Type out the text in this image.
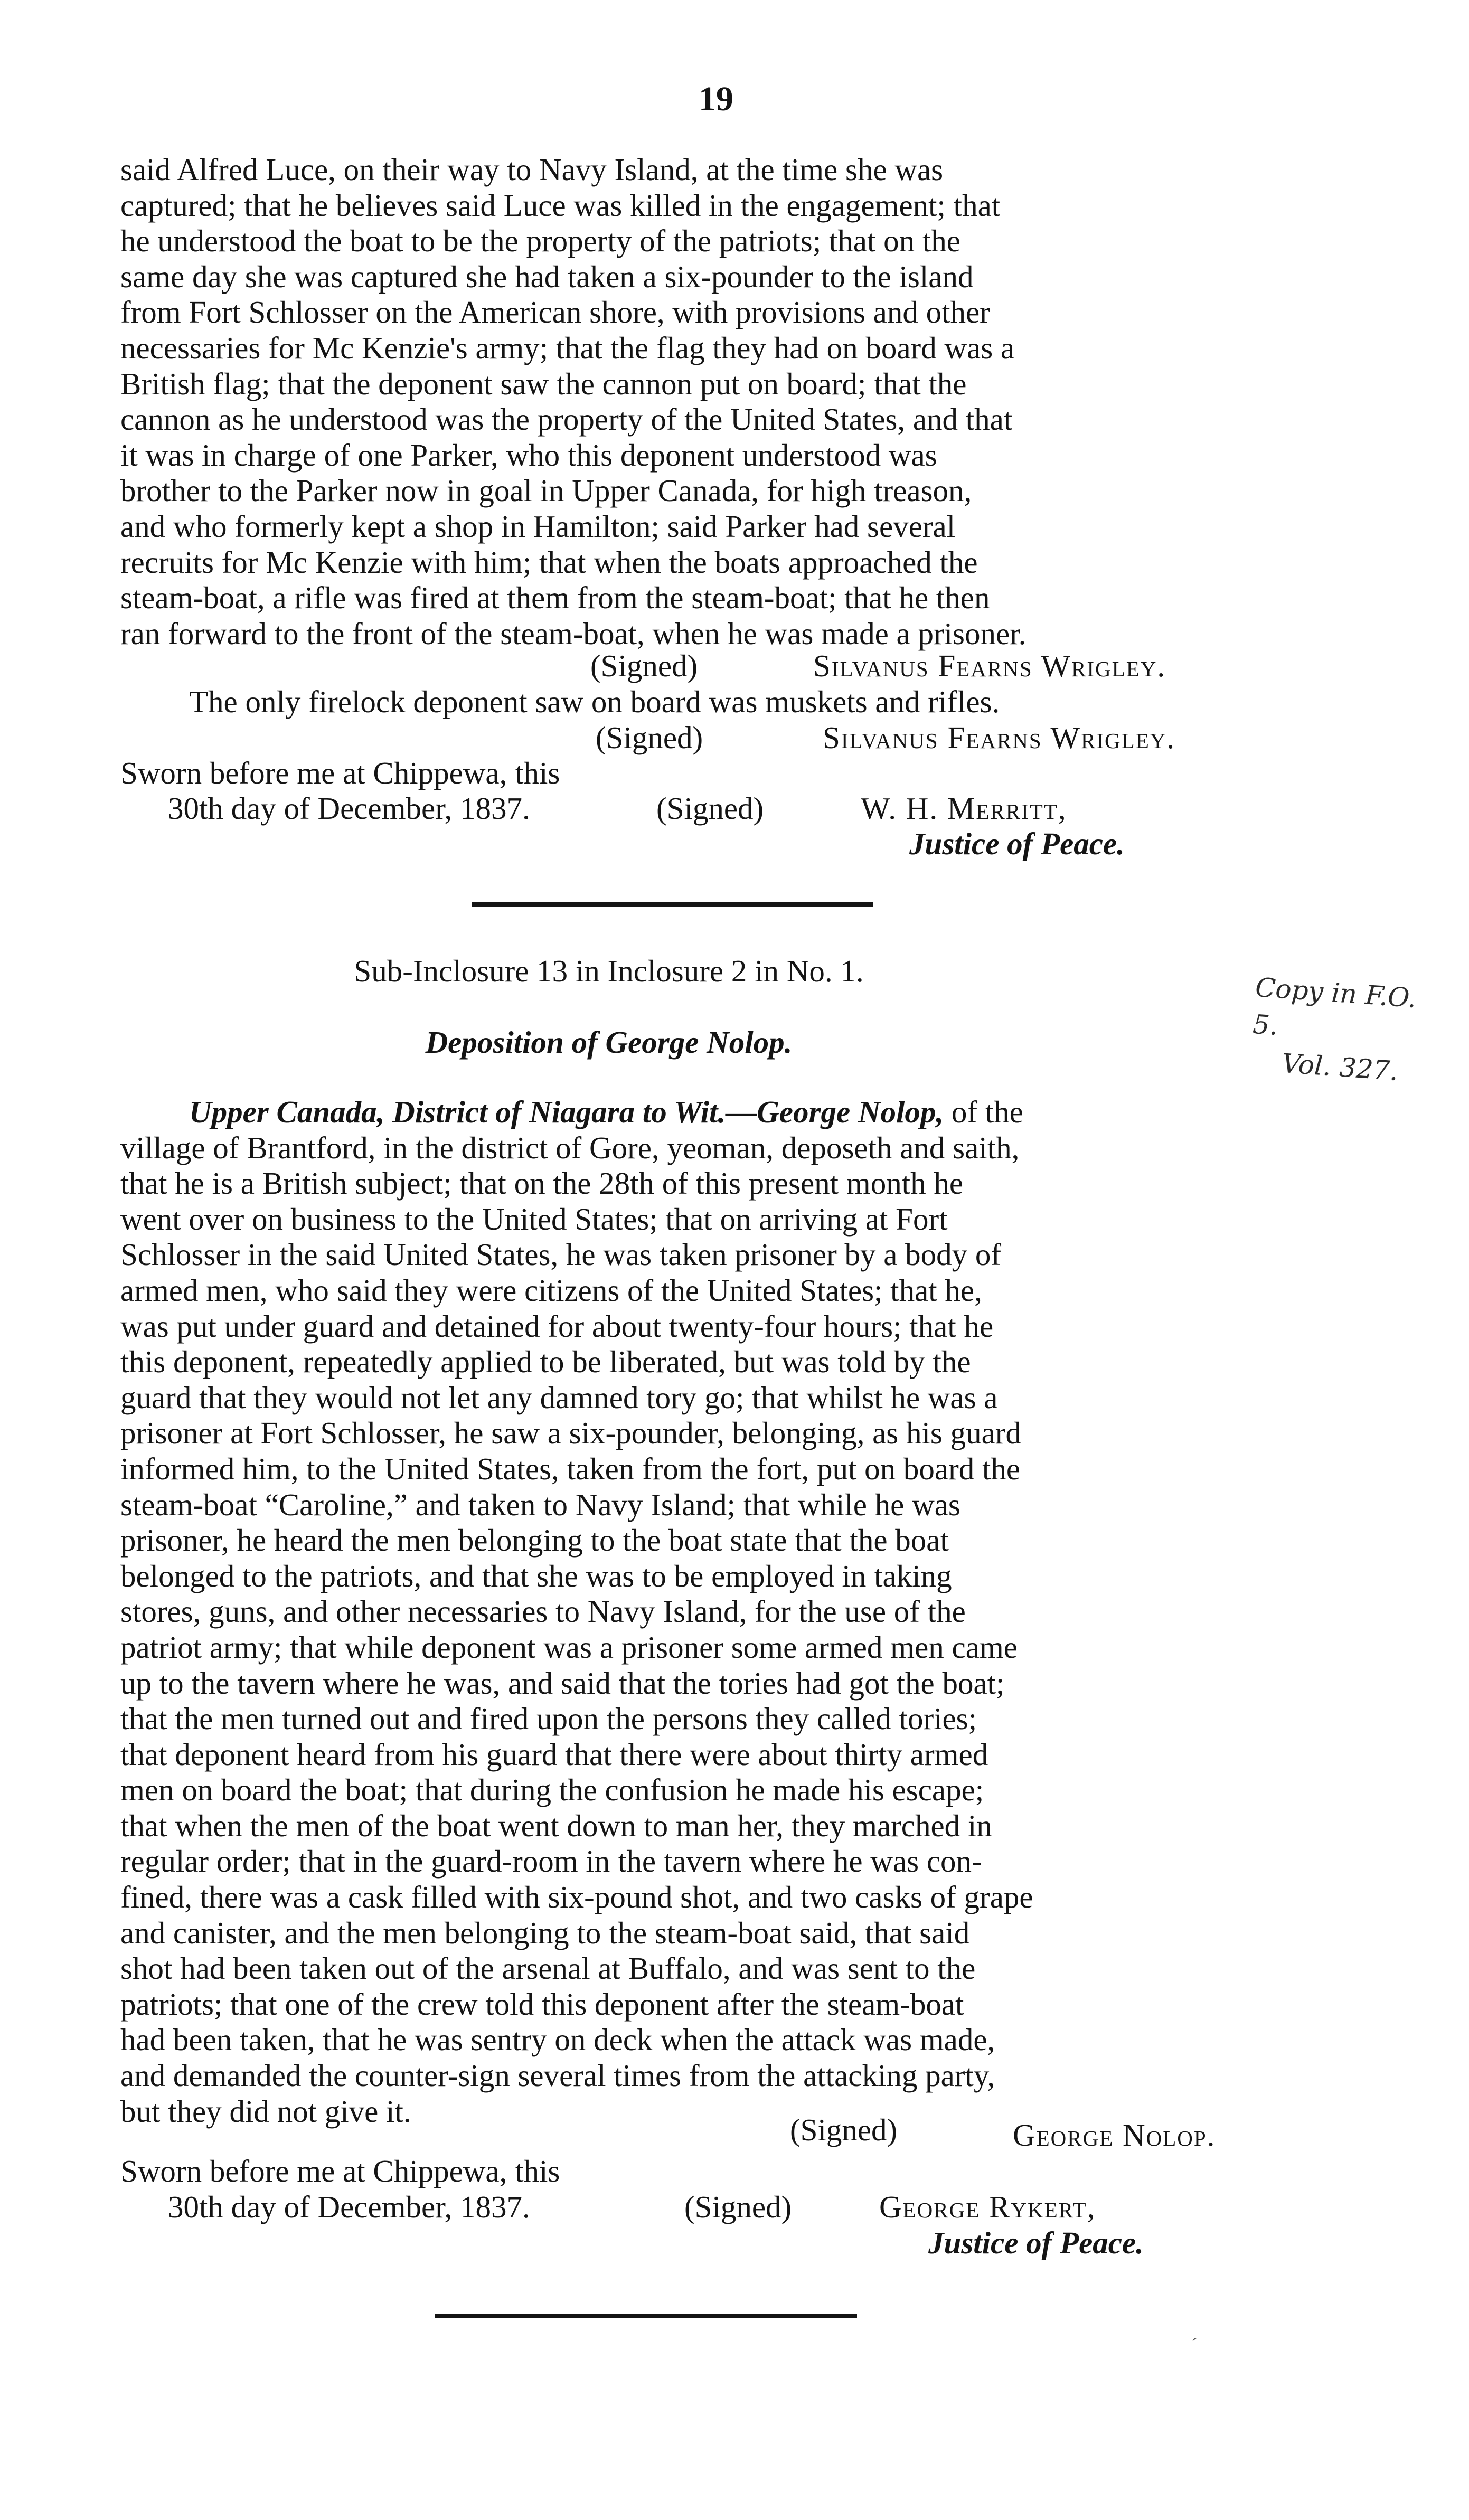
19
said Alfred Luce, on their way to Navy Island, at the time she was
captured; that he believes said Luce was killed in the engagement; that
he understood the boat to be the property of the patriots; that on the
same day she was captured she had taken a six-pounder to the island
from Fort Schlosser on the American shore, with provisions and other
necessaries for Mc Kenzie's army; that the flag they had on board was a
British flag; that the deponent saw the cannon put on board; that the
cannon as he understood was the property of the United States, and that
it was in charge of one Parker, who this deponent understood was
brother to the Parker now in goal in Upper Canada, for high treason,
and who formerly kept a shop in Hamilton; said Parker had several
recruits for Mc Kenzie with him; that when the boats approached the
steam-boat, a rifle was fired at them from the steam-boat; that he then
ran forward to the front of the steam-boat, when he was made a prisoner.
(Signed)	Silvanus Fearns Wrigley.
The only firelock deponent saw on board was muskets and rifles.
(Signed)	Silvanus Fearns Wrigley.
Sworn before me at Chippewa, this
30th day of December, 1837.	(Signed)	W. H. Merritt,
Justice of Peace.
Sub-Inclosure 13 in Inclosure 2 in No. 1.
Deposition of George Nolop.
Copy in F.O. 5.
Vol. 327.
Upper Canada, District of Niagara to Wit.—George Nolop, of the
village of Brantford, in the district of Gore, yeoman, deposeth and saith,
that he is a British subject; that on the 28th of this present month he
went over on business to the United States; that on arriving at Fort
Schlosser in the said United States, he was taken prisoner by a body of
armed men, who said they were citizens of the United States; that he,
was put under guard and detained for about twenty-four hours; that he
this deponent, repeatedly applied to be liberated, but was told by the
guard that they would not let any damned tory go; that whilst he was a
prisoner at Fort Schlosser, he saw a six-pounder, belonging, as his guard
informed him, to the United States, taken from the fort, put on board the
steam-boat “Caroline,” and taken to Navy Island; that while he was
prisoner, he heard the men belonging to the boat state that the boat
belonged to the patriots, and that she was to be employed in taking
stores, guns, and other necessaries to Navy Island, for the use of the
patriot army; that while deponent was a prisoner some armed men came
up to the tavern where he was, and said that the tories had got the boat;
that the men turned out and fired upon the persons they called tories;
that deponent heard from his guard that there were about thirty armed
men on board the boat; that during the confusion he made his escape;
that when the men of the boat went down to man her, they marched in
regular order; that in the guard-room in the tavern where he was con-
fined, there was a cask filled with six-pound shot, and two casks of grape
and canister, and the men belonging to the steam-boat said, that said
shot had been taken out of the arsenal at Buffalo, and was sent to the
patriots; that one of the crew told this deponent after the steam-boat
had been taken, that he was sentry on deck when the attack was made,
and demanded the counter-sign several times from the attacking party,
but they did not give it.
(Signed)	George Nolop.
Sworn before me at Chippewa, this
30th day of December, 1837.	(Signed)	George Rykert,
Justice of Peace.
´
